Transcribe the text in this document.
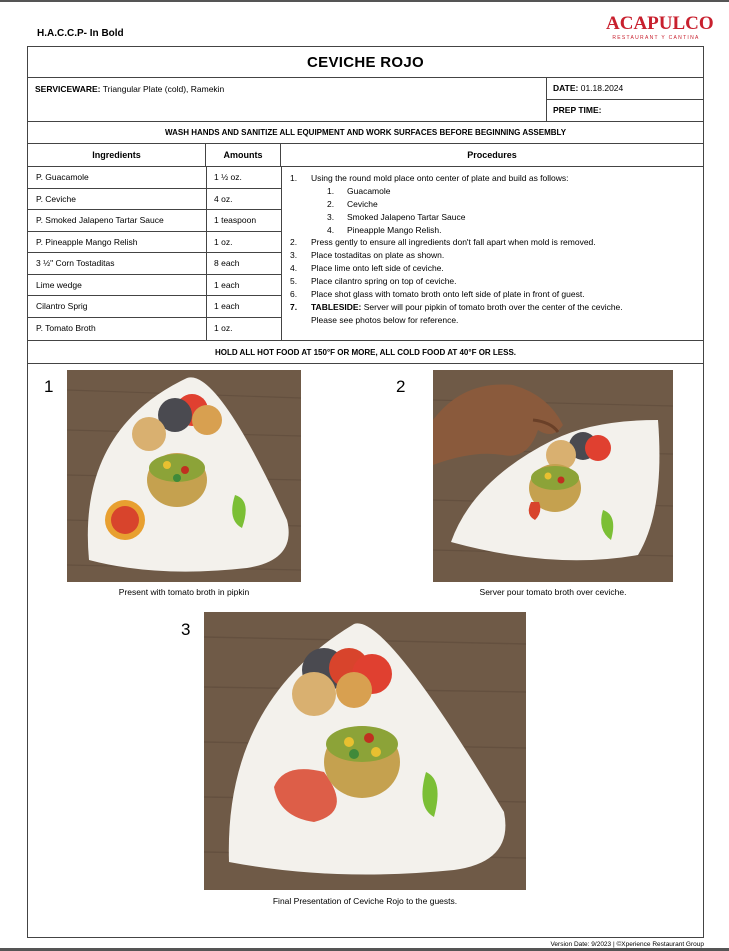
H.A.C.C.P- In Bold	ACAPULCO
RESTAURANT Y CANTINA
CEVICHE ROJO
SERVICEWARE: Triangular Plate (cold), Ramekin	DATE: 01.18.2024
PREP TIME:
WASH HANDS AND SANITIZE ALL EQUIPMENT AND WORK SURFACES BEFORE BEGINNING ASSEMBLY
Ingredients	Amounts	Procedures
P. Guacamole	1 ½ oz.
P. Ceviche	4 oz.
P. Smoked Jalapeno Tartar Sauce	1 teaspoon
P. Pineapple Mango Relish	1 oz.
3 ½" Corn Tostaditas	8 each
Lime wedge	1 each
Cilantro Sprig	1 each
P. Tomato Broth	1 oz.
1. Using the round mold place onto center of plate and build as follows:
1. Guacamole
2. Ceviche
3. Smoked Jalapeno Tartar Sauce
4. Pineapple Mango Relish.
2. Press gently to ensure all ingredients don't fall apart when mold is removed.
3. Place tostaditas on plate as shown.
4. Place lime onto left side of ceviche.
5. Place cilantro spring on top of ceviche.
6. Place shot glass with tomato broth onto left side of plate in front of guest.
7. TABLESIDE: Server will pour pipkin of tomato broth over the center of the ceviche.
Please see photos below for reference.
HOLD ALL HOT FOOD AT 150°F OR MORE, ALL COLD FOOD AT 40°F OR LESS.
1
Present with tomato broth in pipkin
2
Server pour tomato broth over ceviche.
3
Final Presentation of Ceviche Rojo to the guests.
Version Date: 9/2023 | ©Xperience Restaurant Group
